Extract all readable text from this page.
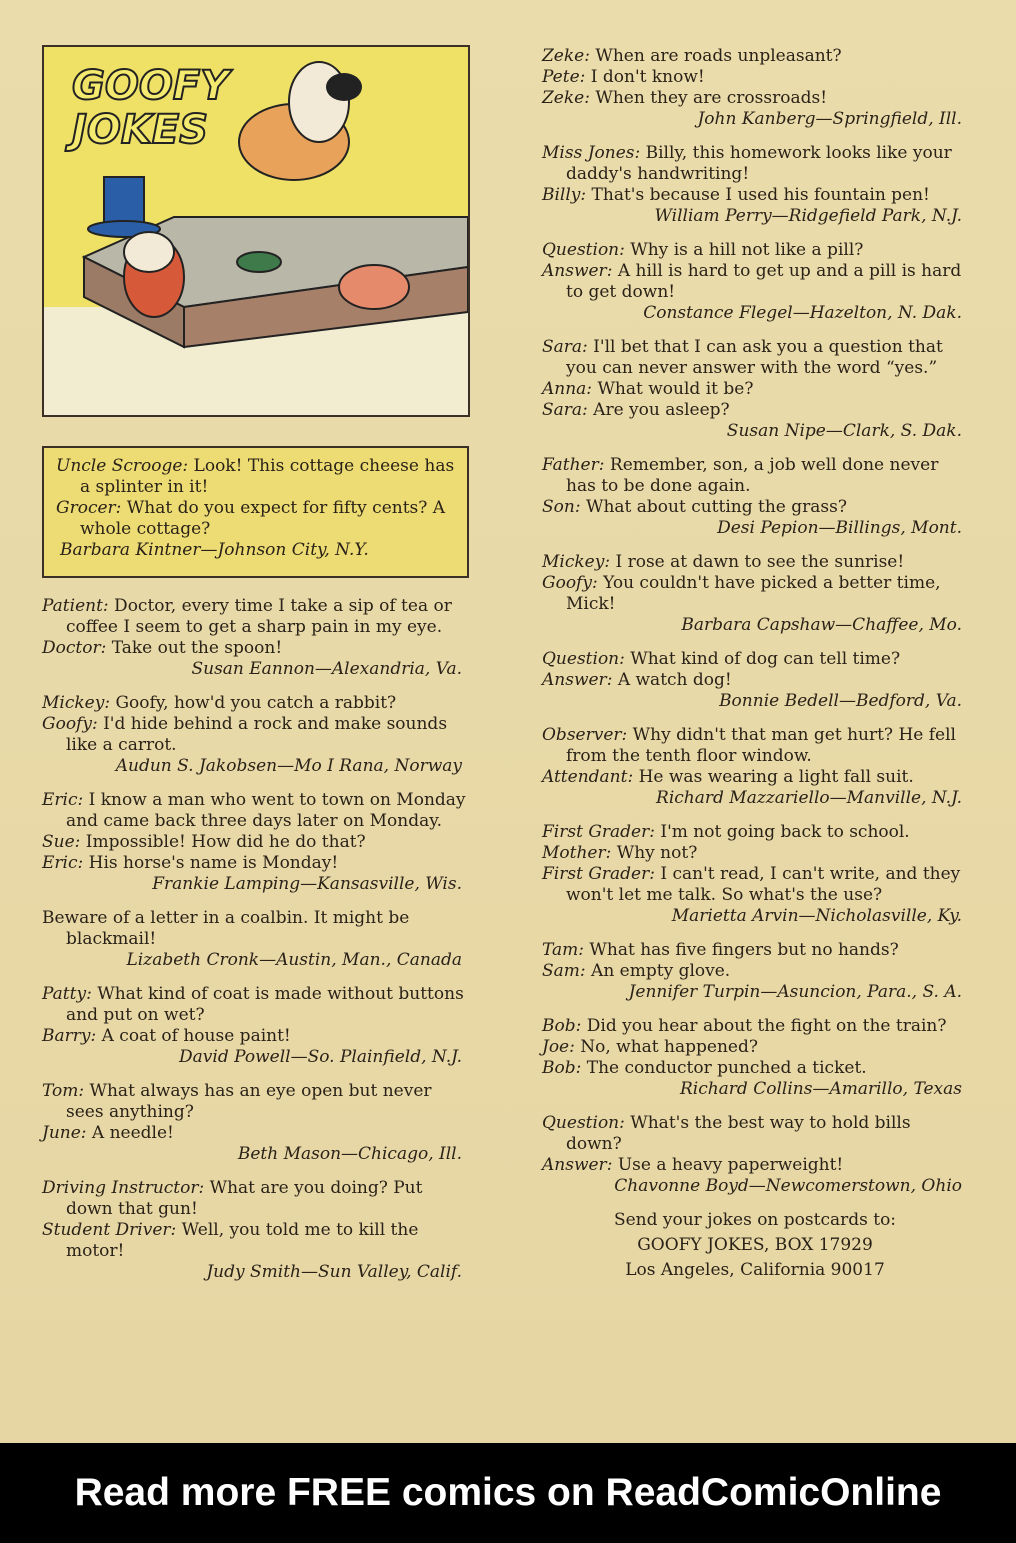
GOOFY
JOKES
Uncle Scrooge: Look! This cottage cheese has a splinter in it!
Grocer: What do you expect for fifty cents? A whole cottage?
Barbara Kintner—Johnson City, N.Y.
Patient: Doctor, every time I take a sip of tea or coffee I seem to get a sharp pain in my eye.
Doctor: Take out the spoon!
Susan Eannon—Alexandria, Va.
Mickey: Goofy, how'd you catch a rabbit?
Goofy: I'd hide behind a rock and make sounds like a carrot.
Audun S. Jakobsen—Mo I Rana, Norway
Eric: I know a man who went to town on Monday and came back three days later on Monday.
Sue: Impossible! How did he do that?
Eric: His horse's name is Monday!
Frankie Lamping—Kansasville, Wis.
Beware of a letter in a coalbin. It might be blackmail!
Lizabeth Cronk—Austin, Man., Canada
Patty: What kind of coat is made without buttons and put on wet?
Barry: A coat of house paint!
David Powell—So. Plainfield, N.J.
Tom: What always has an eye open but never sees anything?
June: A needle!
Beth Mason—Chicago, Ill.
Driving Instructor: What are you doing? Put down that gun!
Student Driver: Well, you told me to kill the motor!
Judy Smith—Sun Valley, Calif.
Zeke: When are roads unpleasant?
Pete: I don't know!
Zeke: When they are crossroads!
John Kanberg—Springfield, Ill.
Miss Jones: Billy, this homework looks like your daddy's handwriting!
Billy: That's because I used his fountain pen!
William Perry—Ridgefield Park, N.J.
Question: Why is a hill not like a pill?
Answer: A hill is hard to get up and a pill is hard to get down!
Constance Flegel—Hazelton, N. Dak.
Sara: I'll bet that I can ask you a question that you can never answer with the word “yes.”
Anna: What would it be?
Sara: Are you asleep?
Susan Nipe—Clark, S. Dak.
Father: Remember, son, a job well done never has to be done again.
Son: What about cutting the grass?
Desi Pepion—Billings, Mont.
Mickey: I rose at dawn to see the sunrise!
Goofy: You couldn't have picked a better time, Mick!
Barbara Capshaw—Chaffee, Mo.
Question: What kind of dog can tell time?
Answer: A watch dog!
Bonnie Bedell—Bedford, Va.
Observer: Why didn't that man get hurt? He fell from the tenth floor window.
Attendant: He was wearing a light fall suit.
Richard Mazzariello—Manville, N.J.
First Grader: I'm not going back to school.
Mother: Why not?
First Grader: I can't read, I can't write, and they won't let me talk. So what's the use?
Marietta Arvin—Nicholasville, Ky.
Tam: What has five fingers but no hands?
Sam: An empty glove.
Jennifer Turpin—Asuncion, Para., S. A.
Bob: Did you hear about the fight on the train?
Joe: No, what happened?
Bob: The conductor punched a ticket.
Richard Collins—Amarillo, Texas
Question: What's the best way to hold bills down?
Answer: Use a heavy paperweight!
Chavonne Boyd—Newcomerstown, Ohio
Send your jokes on postcards to:
GOOFY JOKES, BOX 17929
Los Angeles, California 90017
Read more FREE comics on ReadComicOnline
